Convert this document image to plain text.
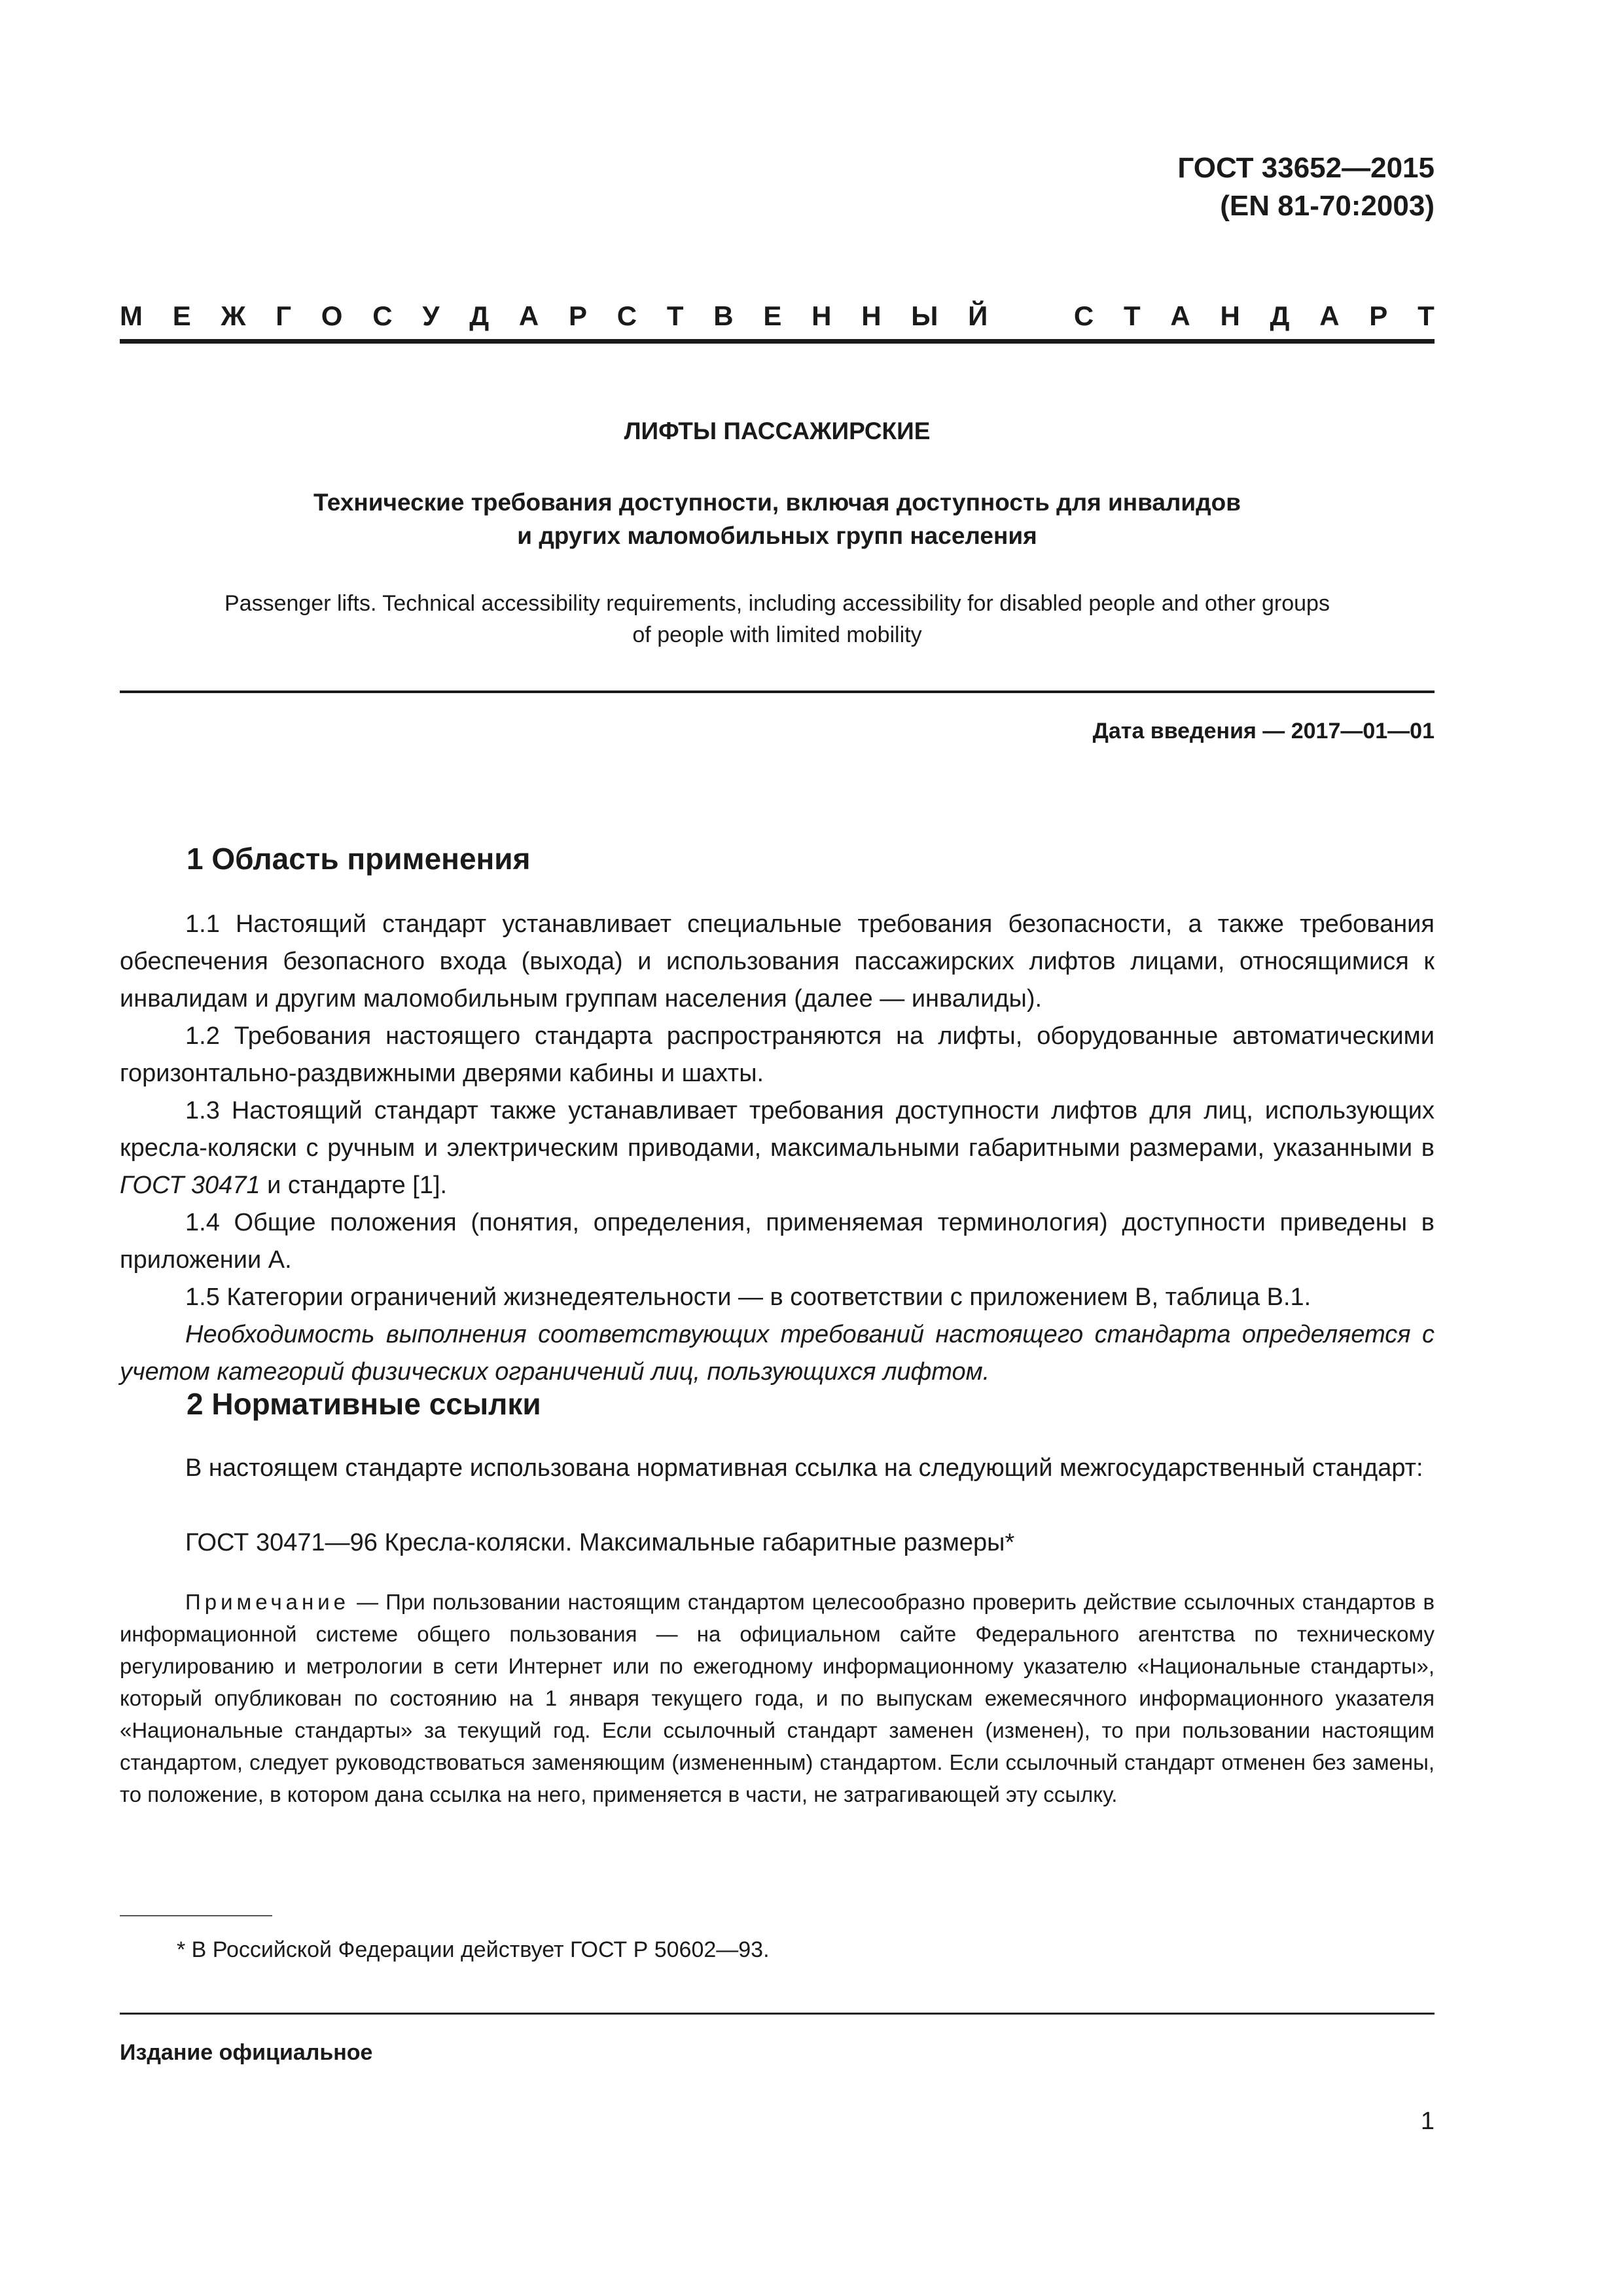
ГОСТ 33652—2015
(EN 81-70:2003)
М Е Ж Г О С У Д А Р С Т В Е Н Н Ы Й	С Т А Н Д А Р Т
ЛИФТЫ ПАССАЖИРСКИЕ
Технические требования доступности, включая доступность для инвалидов
и других маломобильных групп населения
Passenger lifts. Technical accessibility requirements, including accessibility for disabled people and other groups
of people with limited mobility
Дата введения — 2017—01—01
1 Область применения
1.1 Настоящий стандарт устанавливает специальные требования безопасности, а также требования обеспечения безопасного входа (выхода) и использования пассажирских лифтов лицами, относящимися к инвалидам и другим маломобильным группам населения (далее — инвалиды).
1.2 Требования настоящего стандарта распространяются на лифты, оборудованные автоматическими горизонтально-раздвижными дверями кабины и шахты.
1.3 Настоящий стандарт также устанавливает требования доступности лифтов для лиц, использующих кресла-коляски с ручным и электрическим приводами, максимальными габаритными размерами, указанными в ГОСТ 30471 и стандарте [1].
1.4 Общие положения (понятия, определения, применяемая терминология) доступности приведены в приложении А.
1.5 Категории ограничений жизнедеятельности — в соответствии с приложением В, таблица В.1.
Необходимость выполнения соответствующих требований настоящего стандарта определяется с учетом категорий физических ограничений лиц, пользующихся лифтом.
2 Нормативные ссылки
В настоящем стандарте использована нормативная ссылка на следующий межгосударственный стандарт:
ГОСТ 30471—96 Кресла-коляски. Максимальные габаритные размеры*
Примечание — При пользовании настоящим стандартом целесообразно проверить действие ссылочных стандартов в информационной системе общего пользования — на официальном сайте Федерального агентства по техническому регулированию и метрологии в сети Интернет или по ежегодному информационному указателю «Национальные стандарты», который опубликован по состоянию на 1 января текущего года, и по выпускам ежемесячного информационного указателя «Национальные стандарты» за текущий год. Если ссылочный стандарт заменен (изменен), то при пользовании настоящим стандартом, следует руководствоваться заменяющим (измененным) стандартом. Если ссылочный стандарт отменен без замены, то положение, в котором дана ссылка на него, применяется в части, не затрагивающей эту ссылку.
* В Российской Федерации действует ГОСТ Р 50602—93.
Издание официальное
1
